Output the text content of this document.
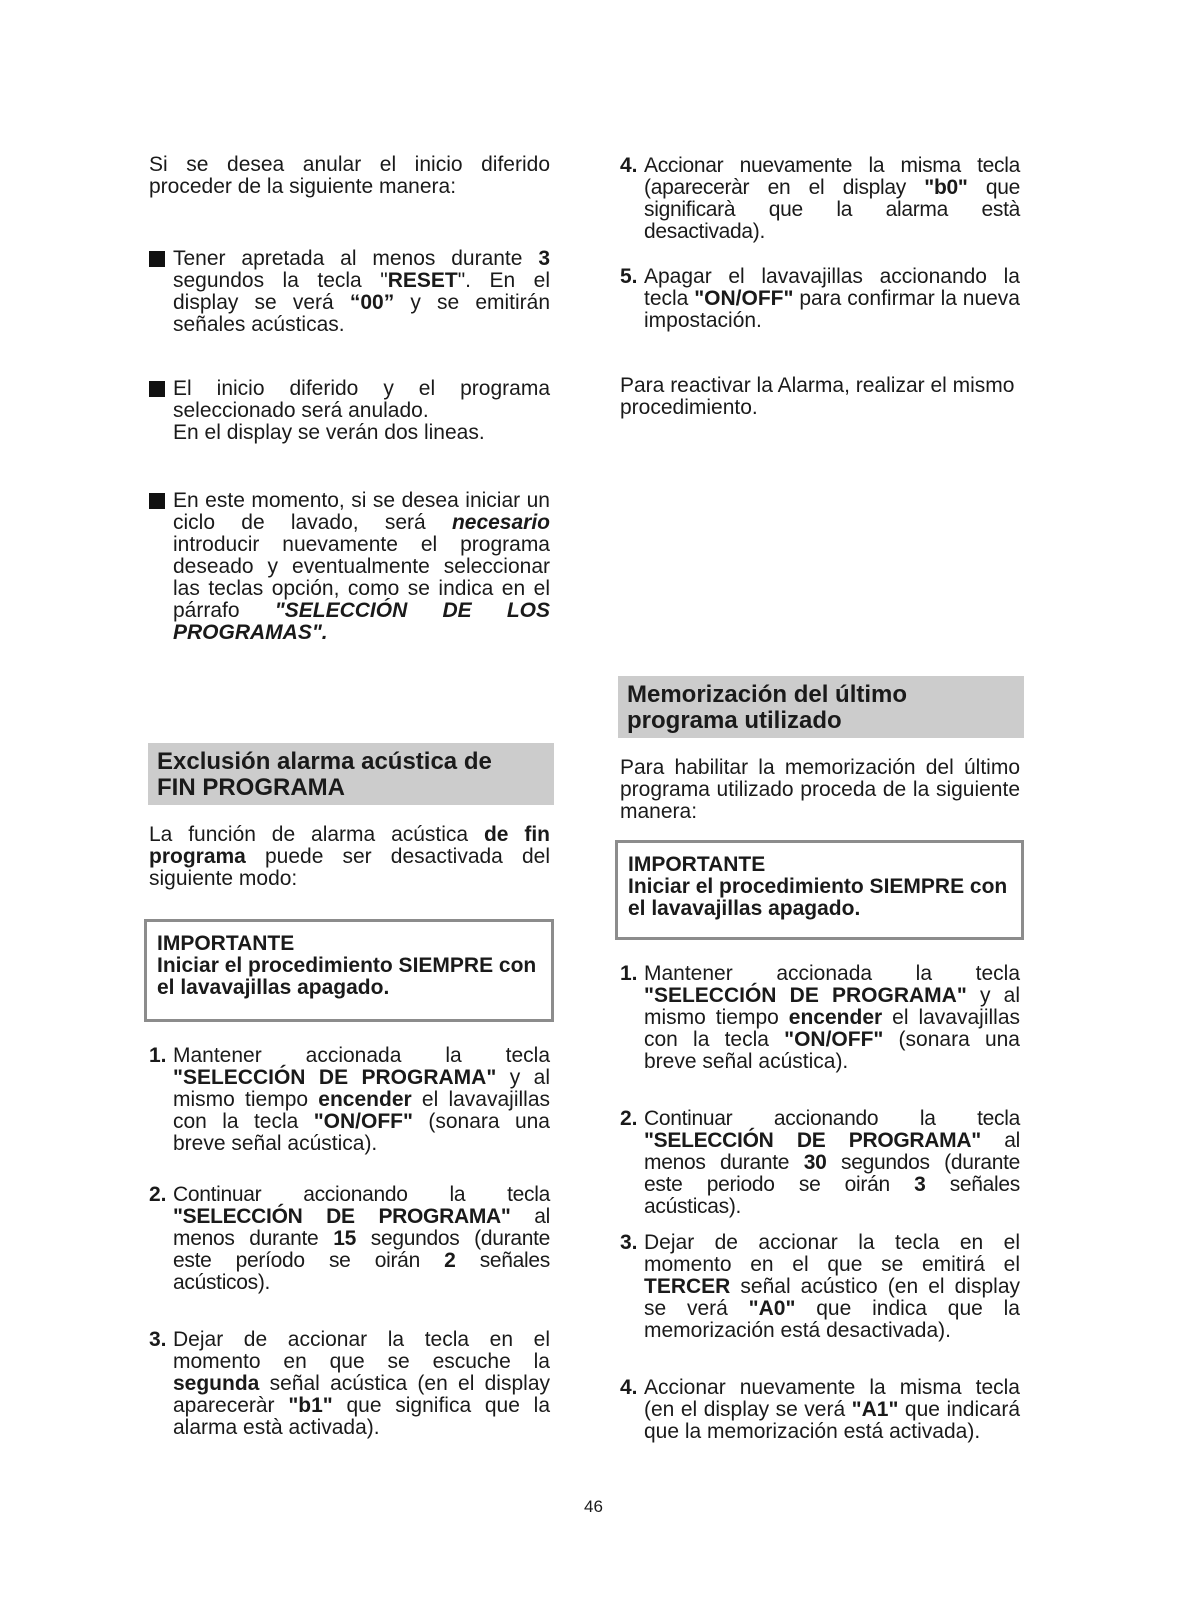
Si se desea anular el inicio diferido proceder de la siguiente manera:
Tener apretada al menos durante 3 segundos la tecla "RESET". En el display se verá “00” y se emitirán señales acústicas.
El inicio diferido y el programa seleccionado será anulado.
En el display se verán dos lineas.
En este momento, si se desea iniciar un ciclo de lavado, será necesario introducir nuevamente el programa deseado y eventualmente seleccionar las teclas opción, como se indica en el párrafo "SELECCIÓN DE LOS PROGRAMAS".
Exclusión alarma acústica de
FIN PROGRAMA
La función de alarma acústica de fin programa puede ser desactivada del siguiente modo:
IMPORTANTE
Iniciar el procedimiento SIEMPRE con
el lavavajillas apagado.
1. Mantener accionada la tecla "SELECCIÓN DE PROGRAMA" y al mismo tiempo encender el lavavajillas con la tecla "ON/OFF" (sonara una breve señal acústica).
2. Continuar accionando la tecla "SELECCIÓN DE PROGRAMA" al menos durante 15 segundos (durante este período se oirán 2 señales acústicos).
3. Dejar de accionar la tecla en el momento en que se escuche la segunda señal acústica (en el display apareceràr "b1" que significa que la alarma està activada).
4. Accionar nuevamente la misma tecla (apareceràr en el display "b0" que significarà que la alarma està desactivada).
5. Apagar el lavavajillas accionando la tecla "ON/OFF" para confirmar la nueva impostación.
Para reactivar la Alarma, realizar el mismo procedimiento.
Memorización del último
programa utilizado
Para habilitar la memorización del último programa utilizado proceda de la siguiente manera:
IMPORTANTE
Iniciar el procedimiento SIEMPRE con
el lavavajillas apagado.
1. Mantener accionada la tecla "SELECCIÓN DE PROGRAMA" y al mismo tiempo encender el lavavajillas con la tecla "ON/OFF" (sonara una breve señal acústica).
2. Continuar accionando la tecla "SELECCIÓN DE PROGRAMA" al menos durante 30 segundos (durante este periodo se oirán 3 señales acústicas).
3. Dejar de accionar la tecla en el momento en el que se emitirá el TERCER señal acústico (en el display se verá "A0" que indica que la memorización está desactivada).
4. Accionar nuevamente la misma tecla (en el display se verá "A1" que indicará que la memorización está activada).
46
